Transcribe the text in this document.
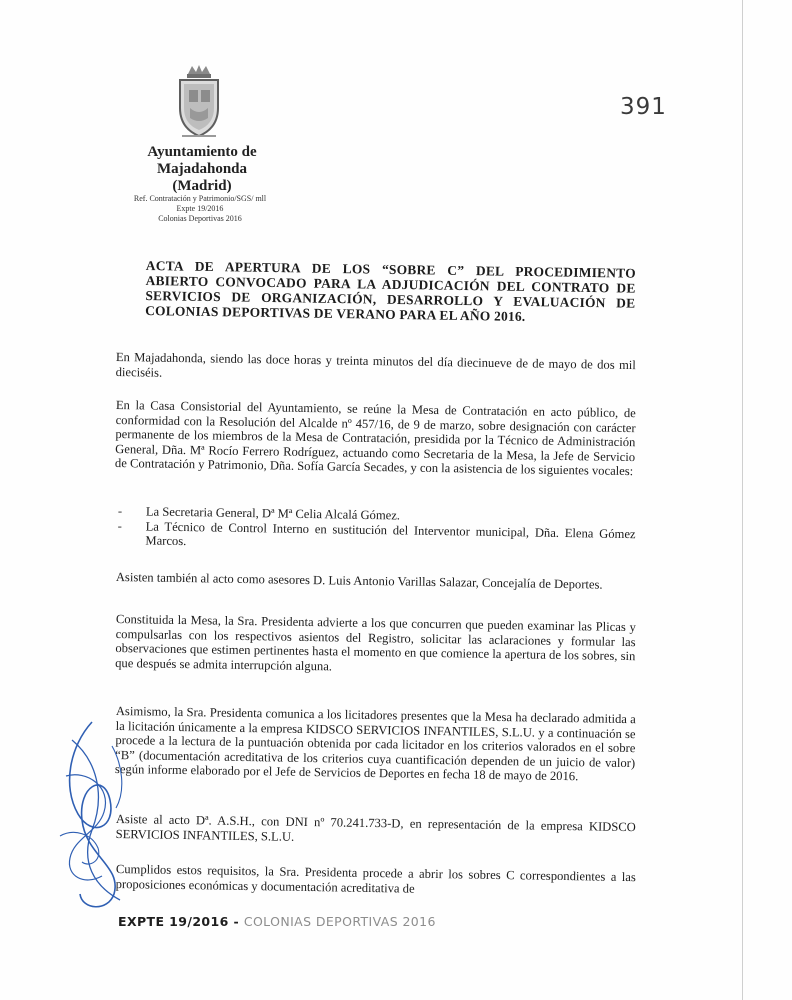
Ayuntamiento de
Majadahonda
(Madrid)
Ref. Contratación y Patrimonio/SGS/ mll
Expte 19/2016
Colonias Deportivas 2016
391
ACTA DE APERTURA DE LOS “SOBRE C” DEL PROCEDIMIENTO ABIERTO CONVOCADO PARA LA ADJUDICACIÓN DEL CONTRATO DE SERVICIOS DE ORGANIZACIÓN, DESARROLLO Y EVALUACIÓN DE COLONIAS DEPORTIVAS DE VERANO PARA EL AÑO 2016.

En Majadahonda, siendo las doce horas y treinta minutos del día diecinueve de de mayo de dos mil dieciséis.

En la Casa Consistorial del Ayuntamiento, se reúne la Mesa de Contratación en acto público, de conformidad con la Resolución del Alcalde nº 457/16, de 9 de marzo, sobre designación con carácter permanente de los miembros de la Mesa de Contratación, presidida por la Técnico de Administración General, Dña. Mª Rocío Ferrero Rodríguez, actuando como Secretaria de la Mesa, la Jefe de Servicio de Contratación y Patrimonio, Dña. Sofía García Secades, y con la asistencia de los siguientes vocales:

- La Secretaria General, Dª Mª Celia Alcalá Gómez.
- La Técnico de Control Interno en sustitución del Interventor municipal, Dña. Elena Gómez Marcos.

Asisten también al acto como asesores D. Luis Antonio Varillas Salazar, Concejalía de Deportes.

Constituida la Mesa, la Sra. Presidenta advierte a los que concurren que pueden examinar las Plicas y compulsarlas con los respectivos asientos del Registro, solicitar las aclaraciones y formular las observaciones que estimen pertinentes hasta el momento en que comience la apertura de los sobres, sin que después se admita interrupción alguna.

Asimismo, la Sra. Presidenta comunica a los licitadores presentes que la Mesa ha declarado admitida a la licitación únicamente a la empresa KIDSCO SERVICIOS INFANTILES, S.L.U. y a continuación se procede a la lectura de la puntuación obtenida por cada licitador en los criterios valorados en el sobre “B” (documentación acreditativa de los criterios cuya cuantificación dependen de un juicio de valor) según informe elaborado por el Jefe de Servicios de Deportes en fecha 18 de mayo de 2016.

Asiste al acto Dª. A.S.H., con DNI nº 70.241.733-D, en representación de la empresa KIDSCO SERVICIOS INFANTILES, S.L.U.

Cumplidos estos requisitos, la Sra. Presidenta procede a abrir los sobres C correspondientes a las proposiciones económicas y documentación acreditativa de

EXPTE 19/2016 - COLONIAS DEPORTIVAS 2016
